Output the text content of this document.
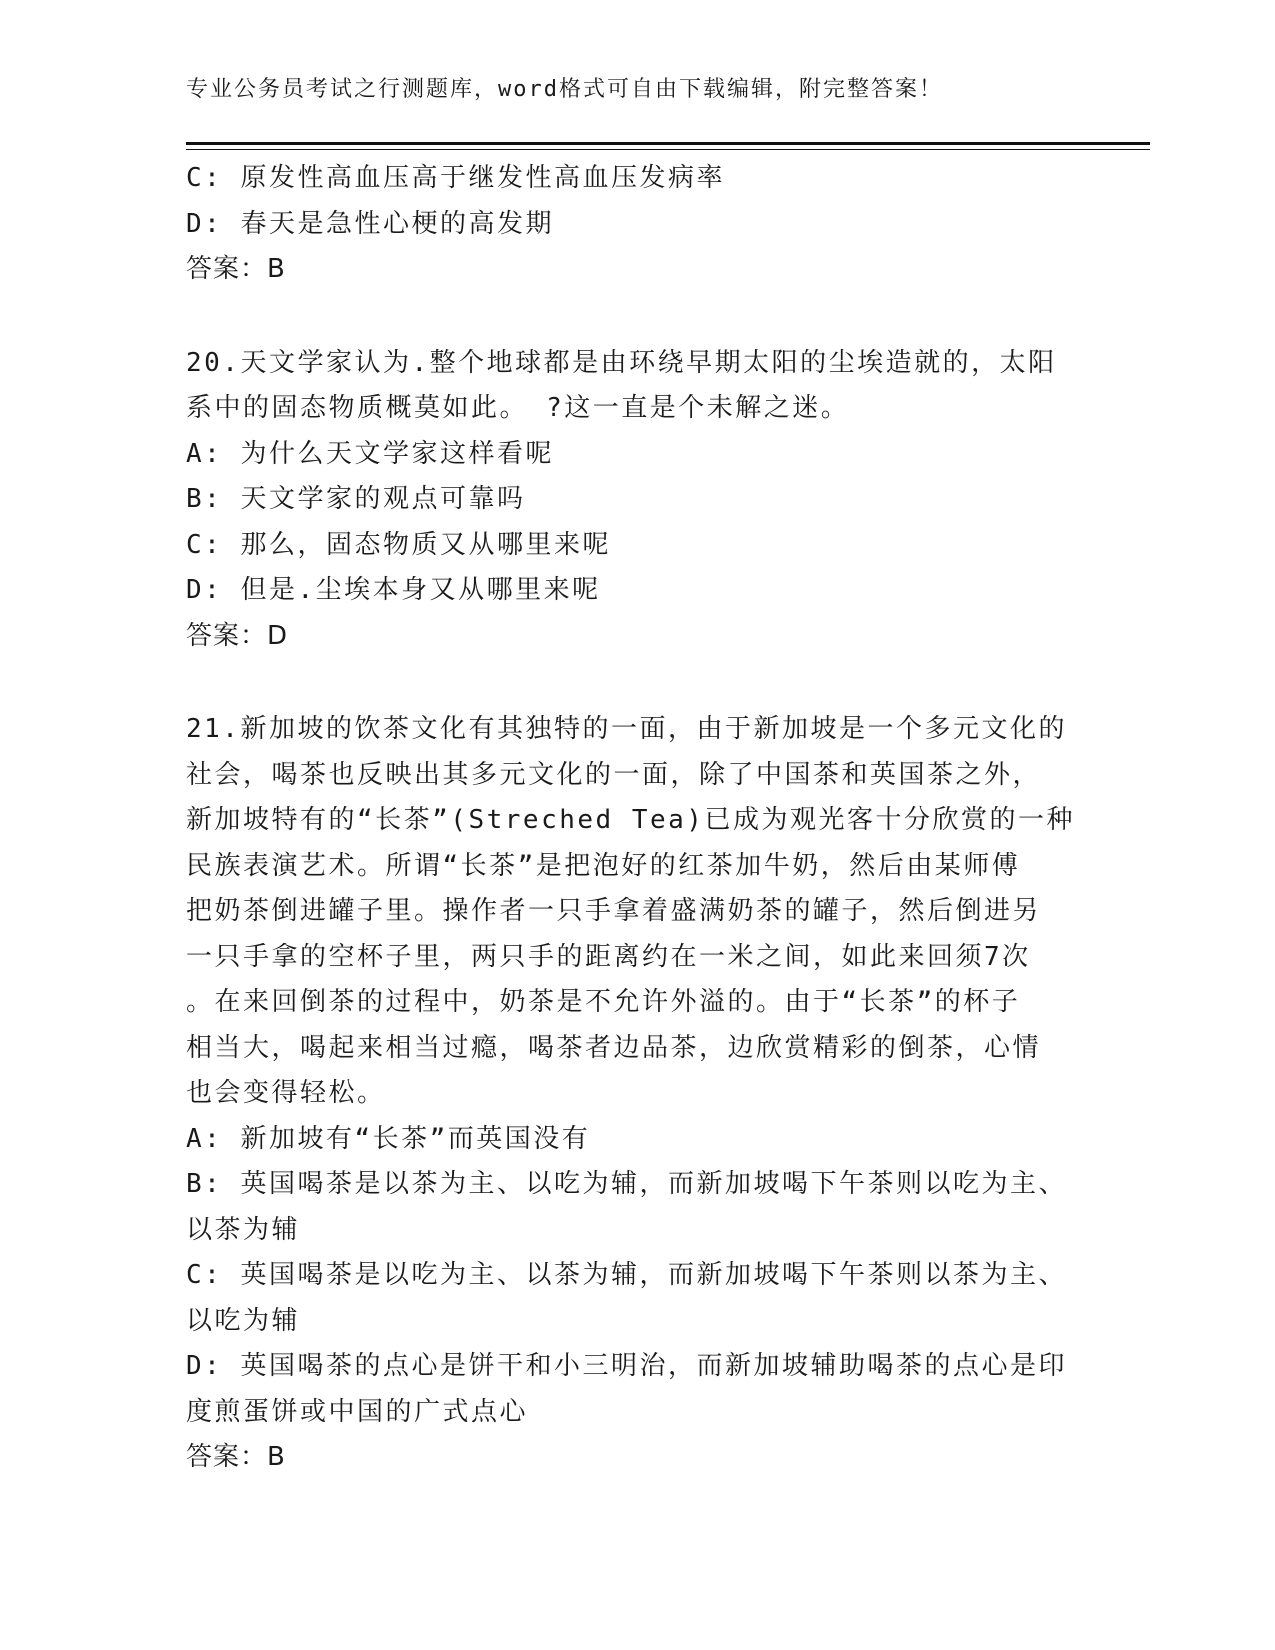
专业公务员考试之行测题库，word格式可自由下载编辑，附完整答案！
C: 原发性高血压高于继发性高血压发病率
D: 春天是急性心梗的高发期
答案：B
20.天文学家认为.整个地球都是由环绕早期太阳的尘埃造就的，太阳
系中的固态物质概莫如此。 ?这一直是个未解之迷。
A: 为什么天文学家这样看呢
B: 天文学家的观点可靠吗
C: 那么，固态物质又从哪里来呢
D: 但是.尘埃本身又从哪里来呢
答案：D
21.新加坡的饮茶文化有其独特的一面，由于新加坡是一个多元文化的
社会，喝茶也反映出其多元文化的一面，除了中国茶和英国茶之外，
新加坡特有的“长茶”(Streched Tea)已成为观光客十分欣赏的一种
民族表演艺术。所谓“长茶”是把泡好的红茶加牛奶，然后由某师傅
把奶茶倒进罐子里。操作者一只手拿着盛满奶茶的罐子，然后倒进另
一只手拿的空杯子里，两只手的距离约在一米之间，如此来回须7次
。在来回倒茶的过程中，奶茶是不允许外溢的。由于“长茶”的杯子
相当大，喝起来相当过瘾，喝茶者边品茶，边欣赏精彩的倒茶，心情
也会变得轻松。
A: 新加坡有“长茶”而英国没有
B: 英国喝茶是以茶为主、以吃为辅，而新加坡喝下午茶则以吃为主、
以茶为辅
C: 英国喝茶是以吃为主、以茶为辅，而新加坡喝下午茶则以茶为主、
以吃为辅
D: 英国喝茶的点心是饼干和小三明治，而新加坡辅助喝茶的点心是印
度煎蛋饼或中国的广式点心
答案：B
